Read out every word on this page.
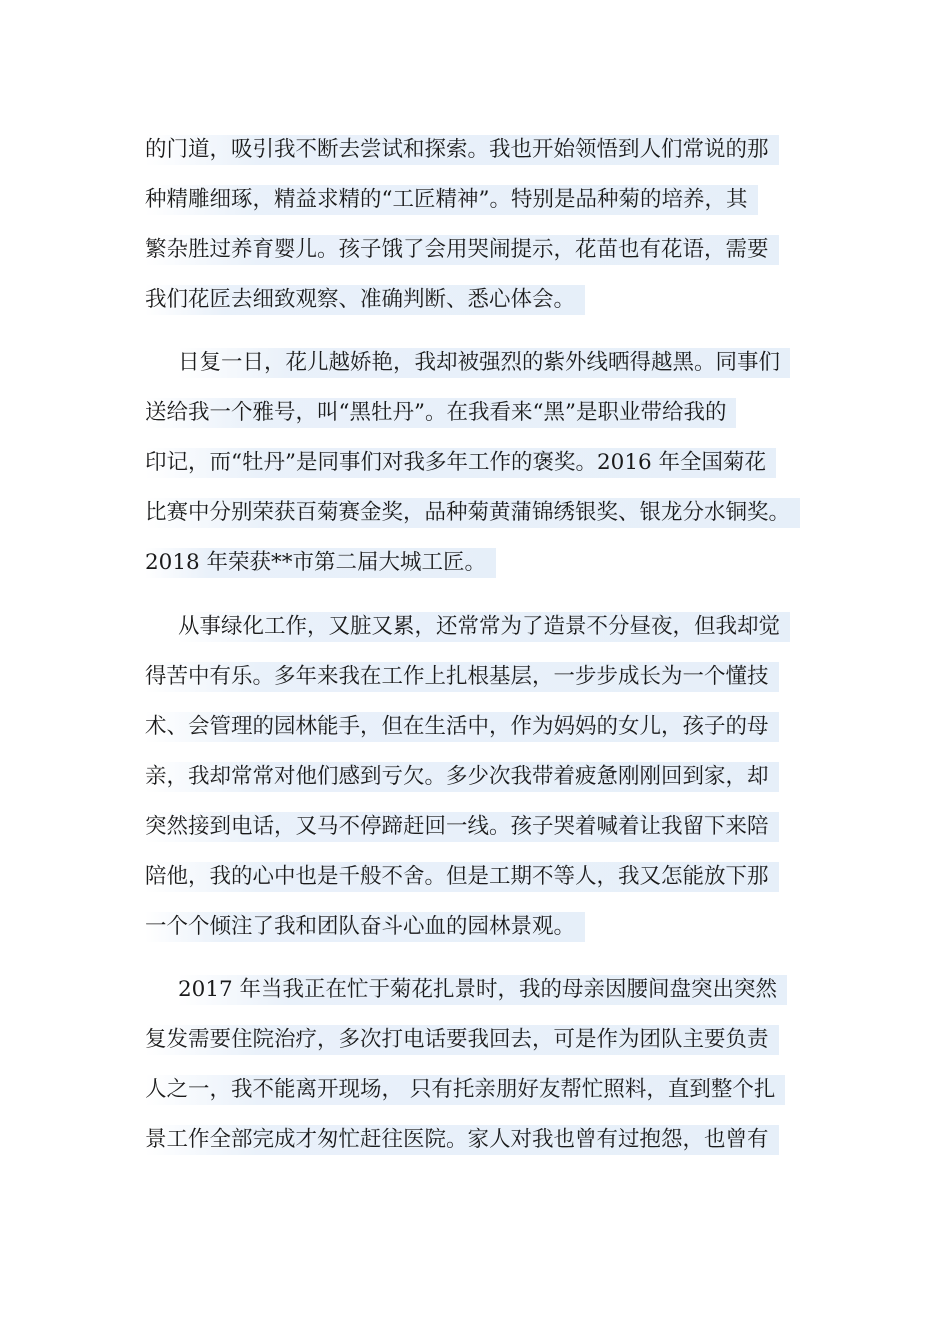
的门道，吸引我不断去尝试和探索。我也开始领悟到人们常说的那
种精雕细琢，精益求精的“工匠精神”。特别是品种菊的培养，其
繁杂胜过养育婴儿。孩子饿了会用哭闹提示，花苗也有花语，需要
我们花匠去细致观察、准确判断、悉心体会。
日复一日，花儿越娇艳，我却被强烈的紫外线晒得越黑。同事们
送给我一个雅号，叫“黑牡丹”。在我看来“黑”是职业带给我的
印记，而“牡丹”是同事们对我多年工作的褒奖。2016 年全国菊花
比赛中分别荣获百菊赛金奖，品种菊黄蒲锦绣银奖、银龙分水铜奖。
2018 年荣获**市第二届大城工匠。
从事绿化工作，又脏又累，还常常为了造景不分昼夜，但我却觉
得苦中有乐。多年来我在工作上扎根基层，一步步成长为一个懂技
术、会管理的园林能手，但在生活中，作为妈妈的女儿，孩子的母
亲，我却常常对他们感到亏欠。多少次我带着疲惫刚刚回到家，却
突然接到电话，又马不停蹄赶回一线。孩子哭着喊着让我留下来陪
陪他，我的心中也是千般不舍。但是工期不等人，我又怎能放下那
一个个倾注了我和团队奋斗心血的园林景观。
2017 年当我正在忙于菊花扎景时，我的母亲因腰间盘突出突然
复发需要住院治疗，多次打电话要我回去，可是作为团队主要负责
人之一，我不能离开现场， 只有托亲朋好友帮忙照料，直到整个扎
景工作全部完成才匆忙赶往医院。家人对我也曾有过抱怨，也曾有
